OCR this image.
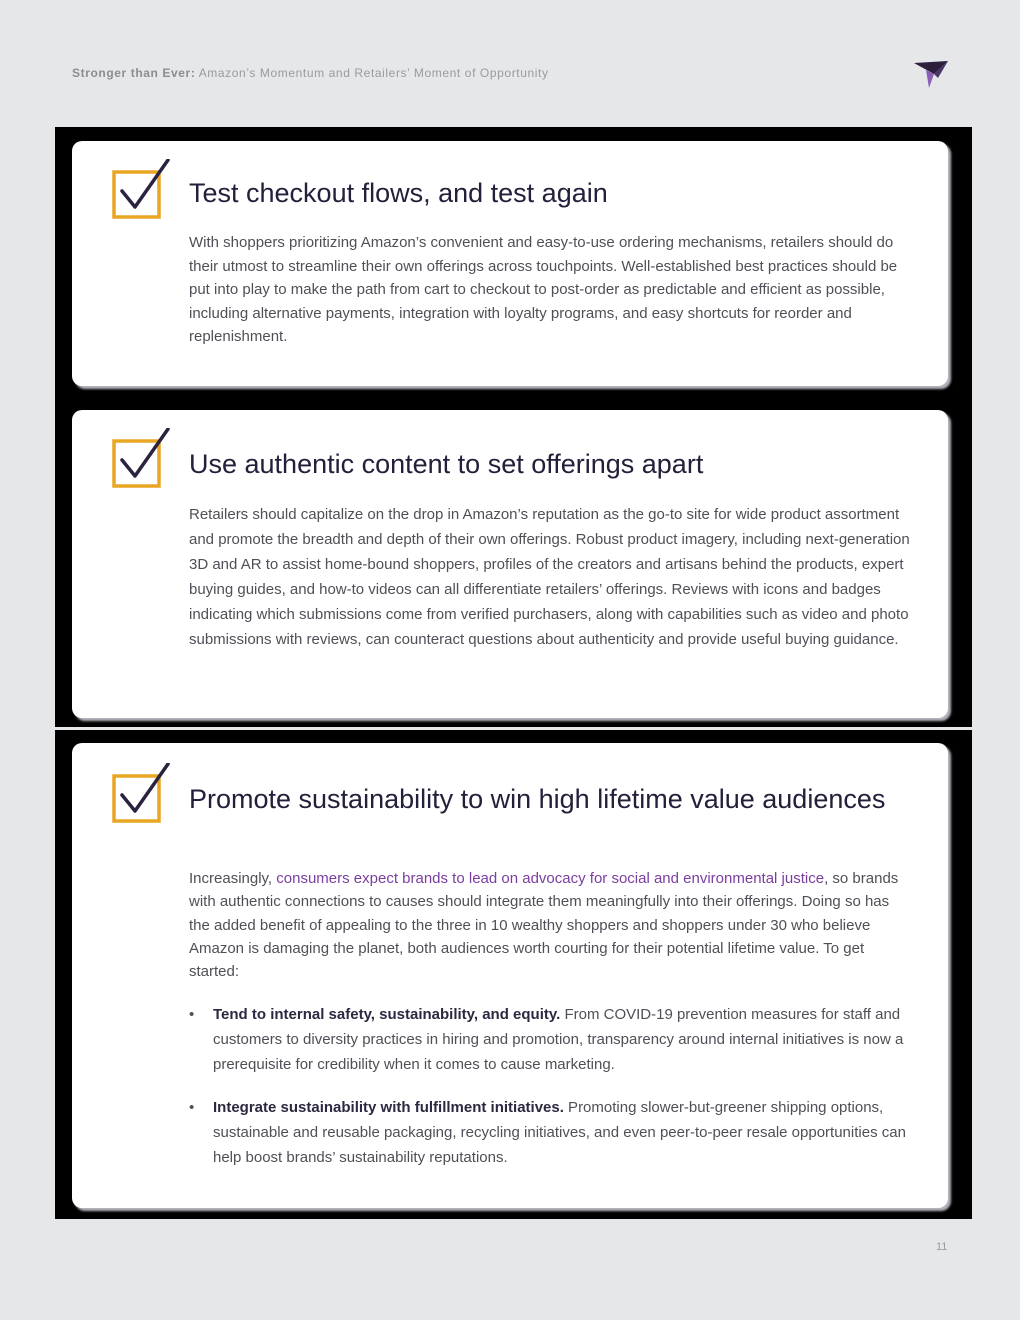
Stronger than Ever: Amazon’s Momentum and Retailers’ Moment of Opportunity
Test checkout flows, and test again
With shoppers prioritizing Amazon’s convenient and easy-to-use ordering mechanisms, retailers should do their utmost to streamline their own offerings across touchpoints. Well-established best practices should be put into play to make the path from cart to checkout to post-order as predictable and efficient as possible, including alternative payments, integration with loyalty programs, and easy shortcuts for reorder and replenishment.
Use authentic content to set offerings apart
Retailers should capitalize on the drop in Amazon’s reputation as the go-to site for wide product assortment and promote the breadth and depth of their own offerings. Robust product imagery, including next-generation 3D and AR to assist home-bound shoppers, profiles of the creators and artisans behind the products, expert buying guides, and how-to videos can all differentiate retailers’ offerings. Reviews with icons and badges indicating which submissions come from verified purchasers, along with capabilities such as video and photo submissions with reviews, can counteract questions about authenticity and provide useful buying guidance.
Promote sustainability to win high lifetime value audiences
Increasingly, consumers expect brands to lead on advocacy for social and environmental justice, so brands with authentic connections to causes should integrate them meaningfully into their offerings. Doing so has the added benefit of appealing to the three in 10 wealthy shoppers and shoppers under 30 who believe Amazon is damaging the planet, both audiences worth courting for their potential lifetime value. To get started:
• Tend to internal safety, sustainability, and equity. From COVID-19 prevention measures for staff and customers to diversity practices in hiring and promotion, transparency around internal initiatives is now a prerequisite for credibility when it comes to cause marketing.
• Integrate sustainability with fulfillment initiatives. Promoting slower-but-greener shipping options, sustainable and reusable packaging, recycling initiatives, and even peer-to-peer resale opportunities can help boost brands’ sustainability reputations.
11
